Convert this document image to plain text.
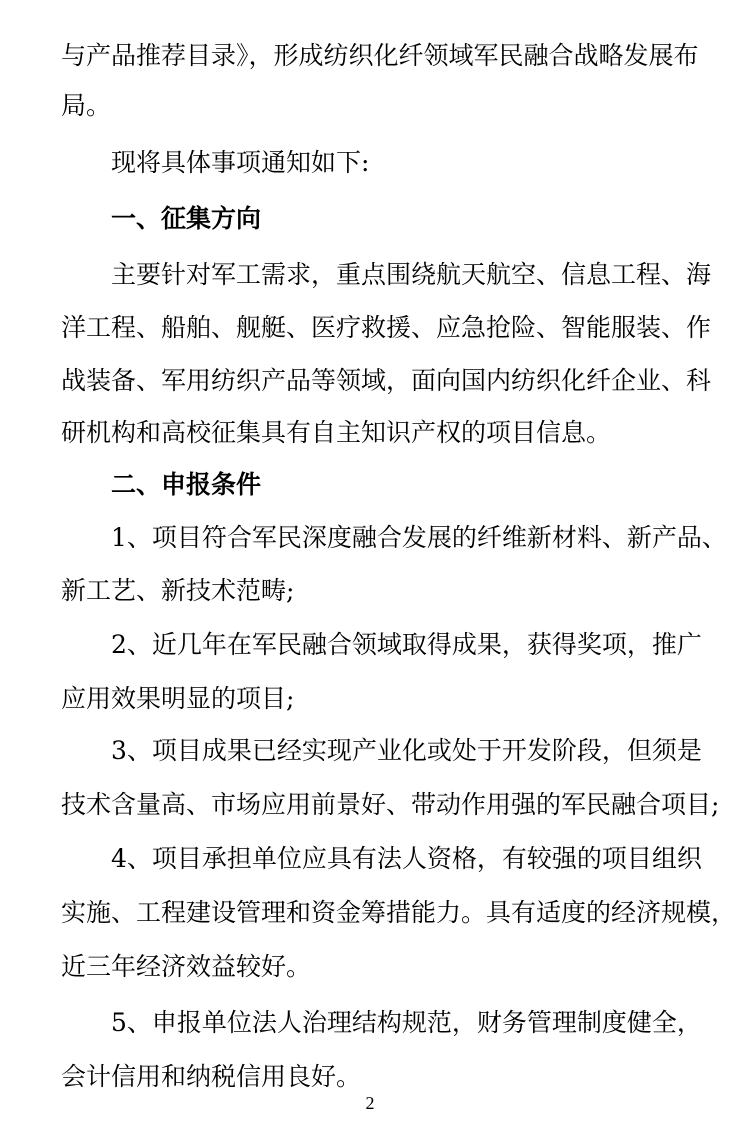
与产品推荐目录》，形成纺织化纤领域军民融合战略发展布
局。
现将具体事项通知如下:
一、征集方向
主要针对军工需求，重点围绕航天航空、信息工程、海
洋工程、船舶、舰艇、医疗救援、应急抢险、智能服装、作
战装备、军用纺织产品等领域，面向国内纺织化纤企业、科
研机构和高校征集具有自主知识产权的项目信息。
二、申报条件
1、项目符合军民深度融合发展的纤维新材料、新产品、
新工艺、新技术范畴;
2、近几年在军民融合领域取得成果，获得奖项，推广
应用效果明显的项目;
3、项目成果已经实现产业化或处于开发阶段，但须是
技术含量高、市场应用前景好、带动作用强的军民融合项目;
4、项目承担单位应具有法人资格，有较强的项目组织
实施、工程建设管理和资金筹措能力。具有适度的经济规模，
近三年经济效益较好。
5、申报单位法人治理结构规范，财务管理制度健全，
会计信用和纳税信用良好。
2
